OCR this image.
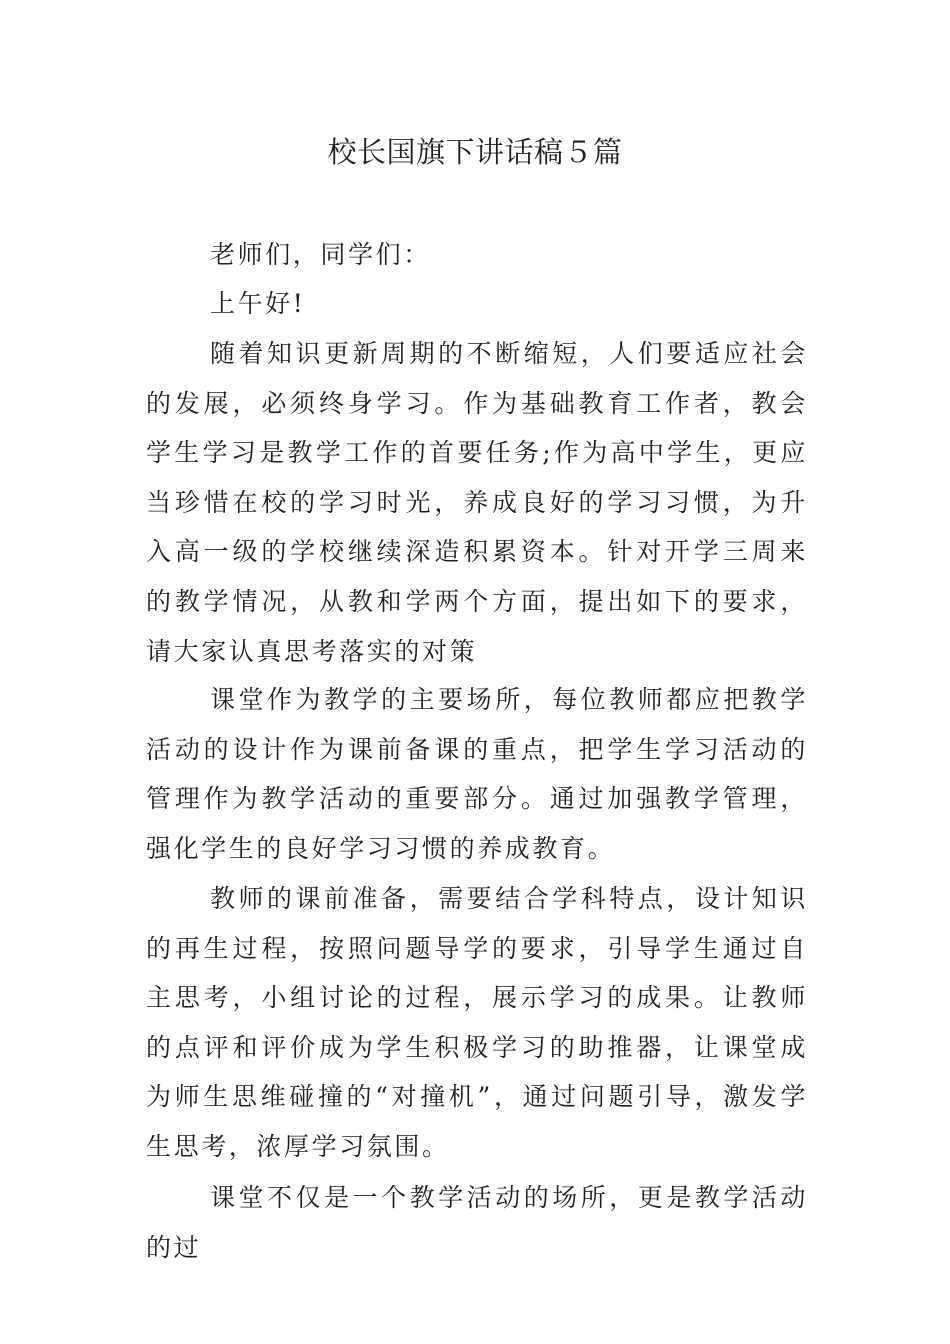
校长国旗下讲话稿５篇

老师们，同学们：

上午好!

随着知识更新周期的不断缩短，人们要适应社会的发展，必须终身学习。作为基础教育工作者，教会学生学习是教学工作的首要任务;作为高中学生，更应当珍惜在校的学习时光，养成良好的学习习惯，为升入高一级的学校继续深造积累资本。针对开学三周来的教学情况，从教和学两个方面，提出如下的要求，请大家认真思考落实的对策

课堂作为教学的主要场所，每位教师都应把教学活动的设计作为课前备课的重点，把学生学习活动的管理作为教学活动的重要部分。通过加强教学管理，强化学生的良好学习习惯的养成教育。

教师的课前准备，需要结合学科特点，设计知识的再生过程，按照问题导学的要求，引导学生通过自主思考，小组讨论的过程，展示学习的成果。让教师的点评和评价成为学生积极学习的助推器，让课堂成为师生思维碰撞的“对撞机”，通过问题引导，激发学生思考，浓厚学习氛围。

课堂不仅是一个教学活动的场所，更是教学活动的过
